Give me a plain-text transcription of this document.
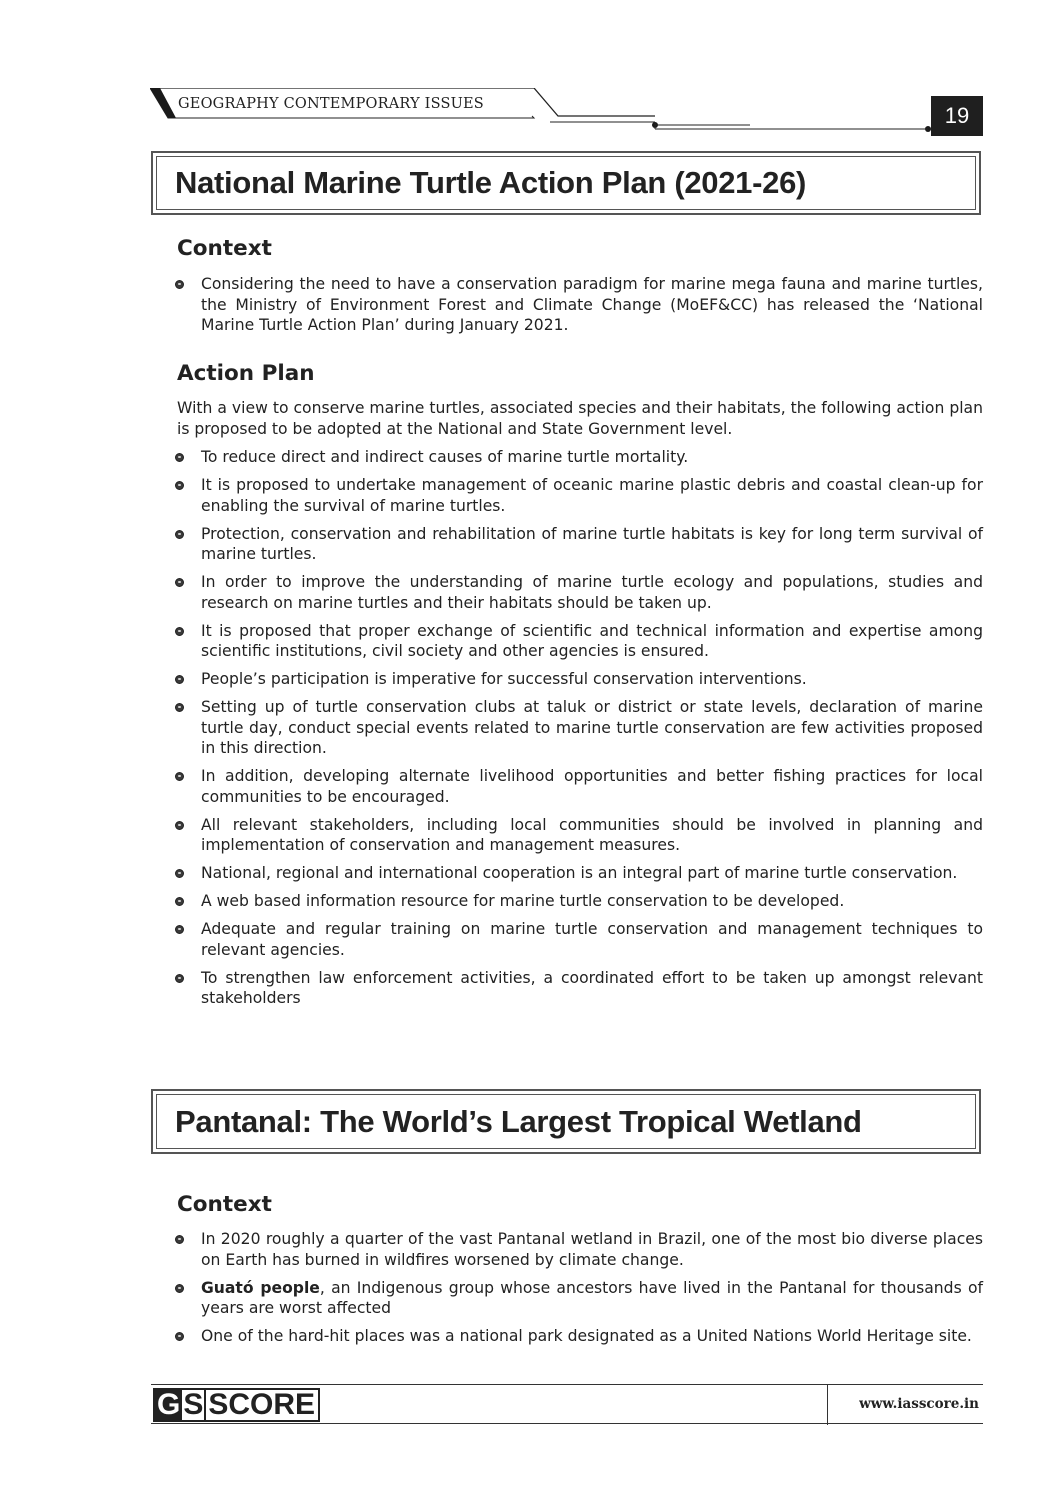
GEOGRAPHY CONTEMPORARY ISSUES	19
National Marine Turtle Action Plan (2021-26)
Context
Considering the need to have a conservation paradigm for marine mega fauna and marine turtles, the Ministry of Environment Forest and Climate Change (MoEF&CC) has released the ‘National Marine Turtle Action Plan’ during January 2021.
Action Plan

With a view to conserve marine turtles, associated species and their habitats, the following action plan is proposed to be adopted at the National and State Government level.

To reduce direct and indirect causes of marine turtle mortality.
It is proposed to undertake management of oceanic marine plastic debris and coastal clean-up for enabling the survival of marine turtles.
Protection, conservation and rehabilitation of marine turtle habitats is key for long term survival of marine turtles.
In order to improve the understanding of marine turtle ecology and populations, studies and research on marine turtles and their habitats should be taken up.
It is proposed that proper exchange of scientific and technical information and expertise among scientific institutions, civil society and other agencies is ensured.
People’s participation is imperative for successful conservation interventions.
Setting up of turtle conservation clubs at taluk or district or state levels, declaration of marine turtle day, conduct special events related to marine turtle conservation are few activities proposed in this direction.
In addition, developing alternate livelihood opportunities and better fishing practices for local communities to be encouraged.
All relevant stakeholders, including local communities should be involved in planning and implementation of conservation and management measures.
National, regional and international cooperation is an integral part of marine turtle conservation.
A web based information resource for marine turtle conservation to be developed.
Adequate and regular training on marine turtle conservation and management techniques to relevant agencies.
To strengthen law enforcement activities, a coordinated effort to be taken up amongst relevant stakeholders
Pantanal: The World’s Largest Tropical Wetland
Context
In 2020 roughly a quarter of the vast Pantanal wetland in Brazil, one of the most bio diverse places on Earth has burned in wildfires worsened by climate change.
Guató people, an Indigenous group whose ancestors have lived in the Pantanal for thousands of years are worst affected
One of the hard-hit places was a national park designated as a United Nations World Heritage site.
G S SCORE	www.iasscore.in
